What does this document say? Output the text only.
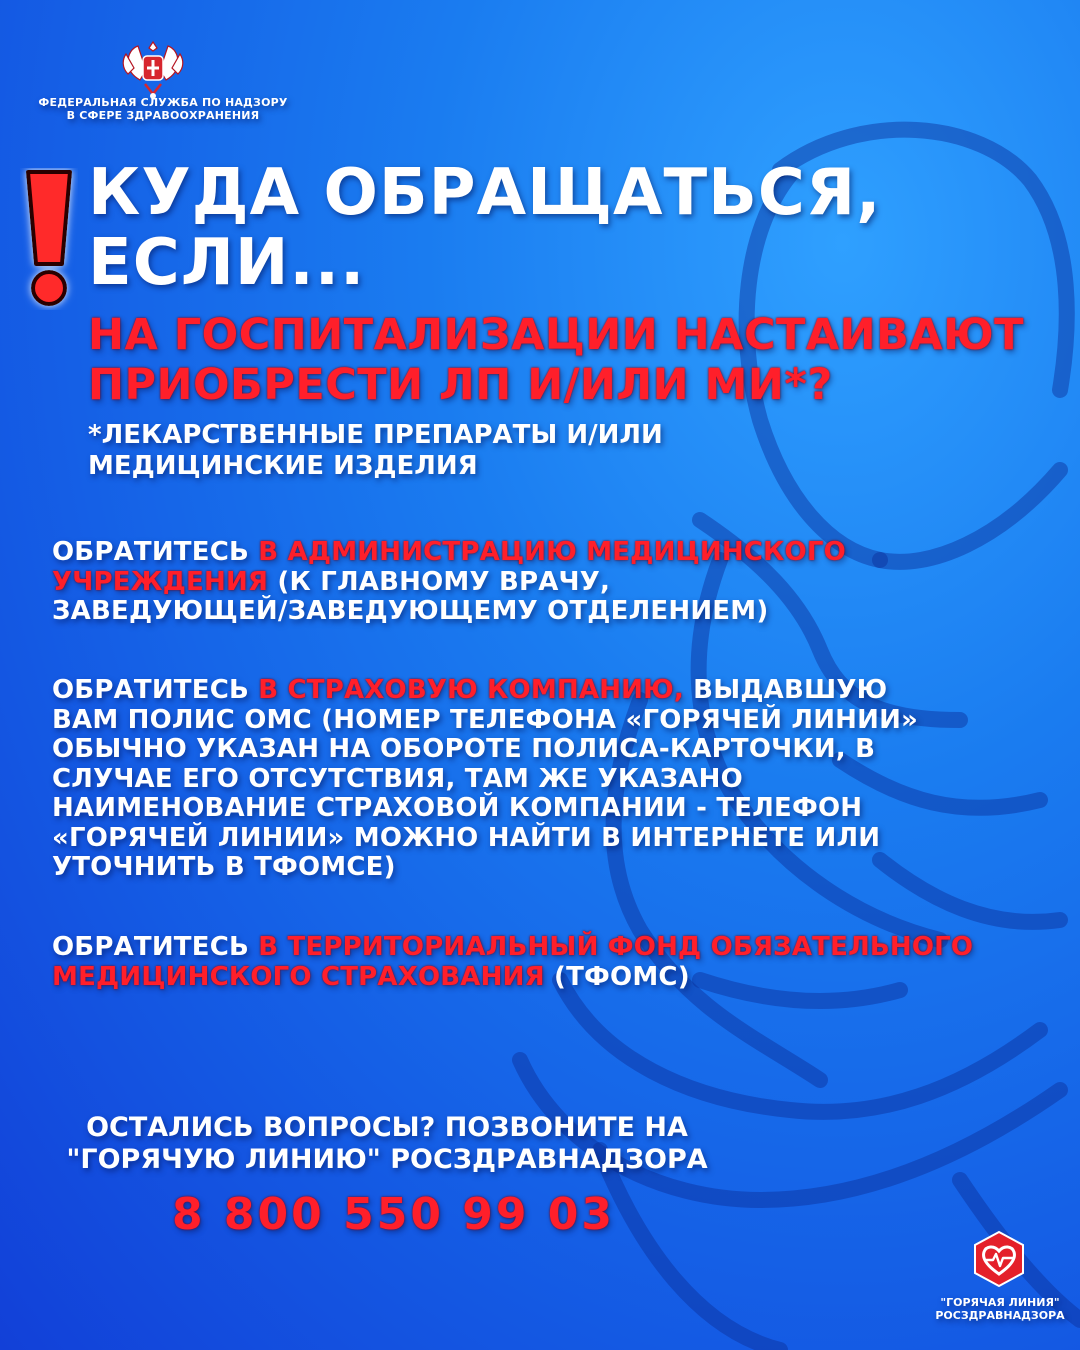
ФЕДЕРАЛЬНАЯ СЛУЖБА ПО НАДЗОРУ
В СФЕРЕ ЗДРАВООХРАНЕНИЯ
КУДА ОБРАЩАТЬСЯ,
ЕСЛИ...
НА ГОСПИТАЛИЗАЦИИ НАСТАИВАЮТ
ПРИОБРЕСТИ ЛП И/ИЛИ МИ*?
*ЛЕКАРСТВЕННЫЕ ПРЕПАРАТЫ И/ИЛИ
МЕДИЦИНСКИЕ ИЗДЕЛИЯ
ОБРАТИТЕСЬ В АДМИНИСТРАЦИЮ МЕДИЦИНСКОГО
УЧРЕЖДЕНИЯ (К ГЛАВНОМУ ВРАЧУ,
ЗАВЕДУЮЩЕЙ/ЗАВЕДУЮЩЕМУ ОТДЕЛЕНИЕМ)
ОБРАТИТЕСЬ В СТРАХОВУЮ КОМПАНИЮ, ВЫДАВШУЮ
ВАМ ПОЛИС ОМС (НОМЕР ТЕЛЕФОНА «ГОРЯЧЕЙ ЛИНИИ»
ОБЫЧНО УКАЗАН НА ОБОРОТЕ ПОЛИСА-КАРТОЧКИ, В
СЛУЧАЕ ЕГО ОТСУТСТВИЯ, ТАМ ЖЕ УКАЗАНО
НАИМЕНОВАНИЕ СТРАХОВОЙ КОМПАНИИ - ТЕЛЕФОН
«ГОРЯЧЕЙ ЛИНИИ» МОЖНО НАЙТИ В ИНТЕРНЕТЕ ИЛИ
УТОЧНИТЬ В ТФОМСЕ)
ОБРАТИТЕСЬ В ТЕРРИТОРИАЛЬНЫЙ ФОНД ОБЯЗАТЕЛЬНОГО
МЕДИЦИНСКОГО СТРАХОВАНИЯ (ТФОМС)
ОСТАЛИСЬ ВОПРОСЫ? ПОЗВОНИТЕ НА
"ГОРЯЧУЮ ЛИНИЮ" РОСЗДРАВНАДЗОРА
8 800 550 99 03
"ГОРЯЧАЯ ЛИНИЯ"
РОСЗДРАВНАДЗОРА
